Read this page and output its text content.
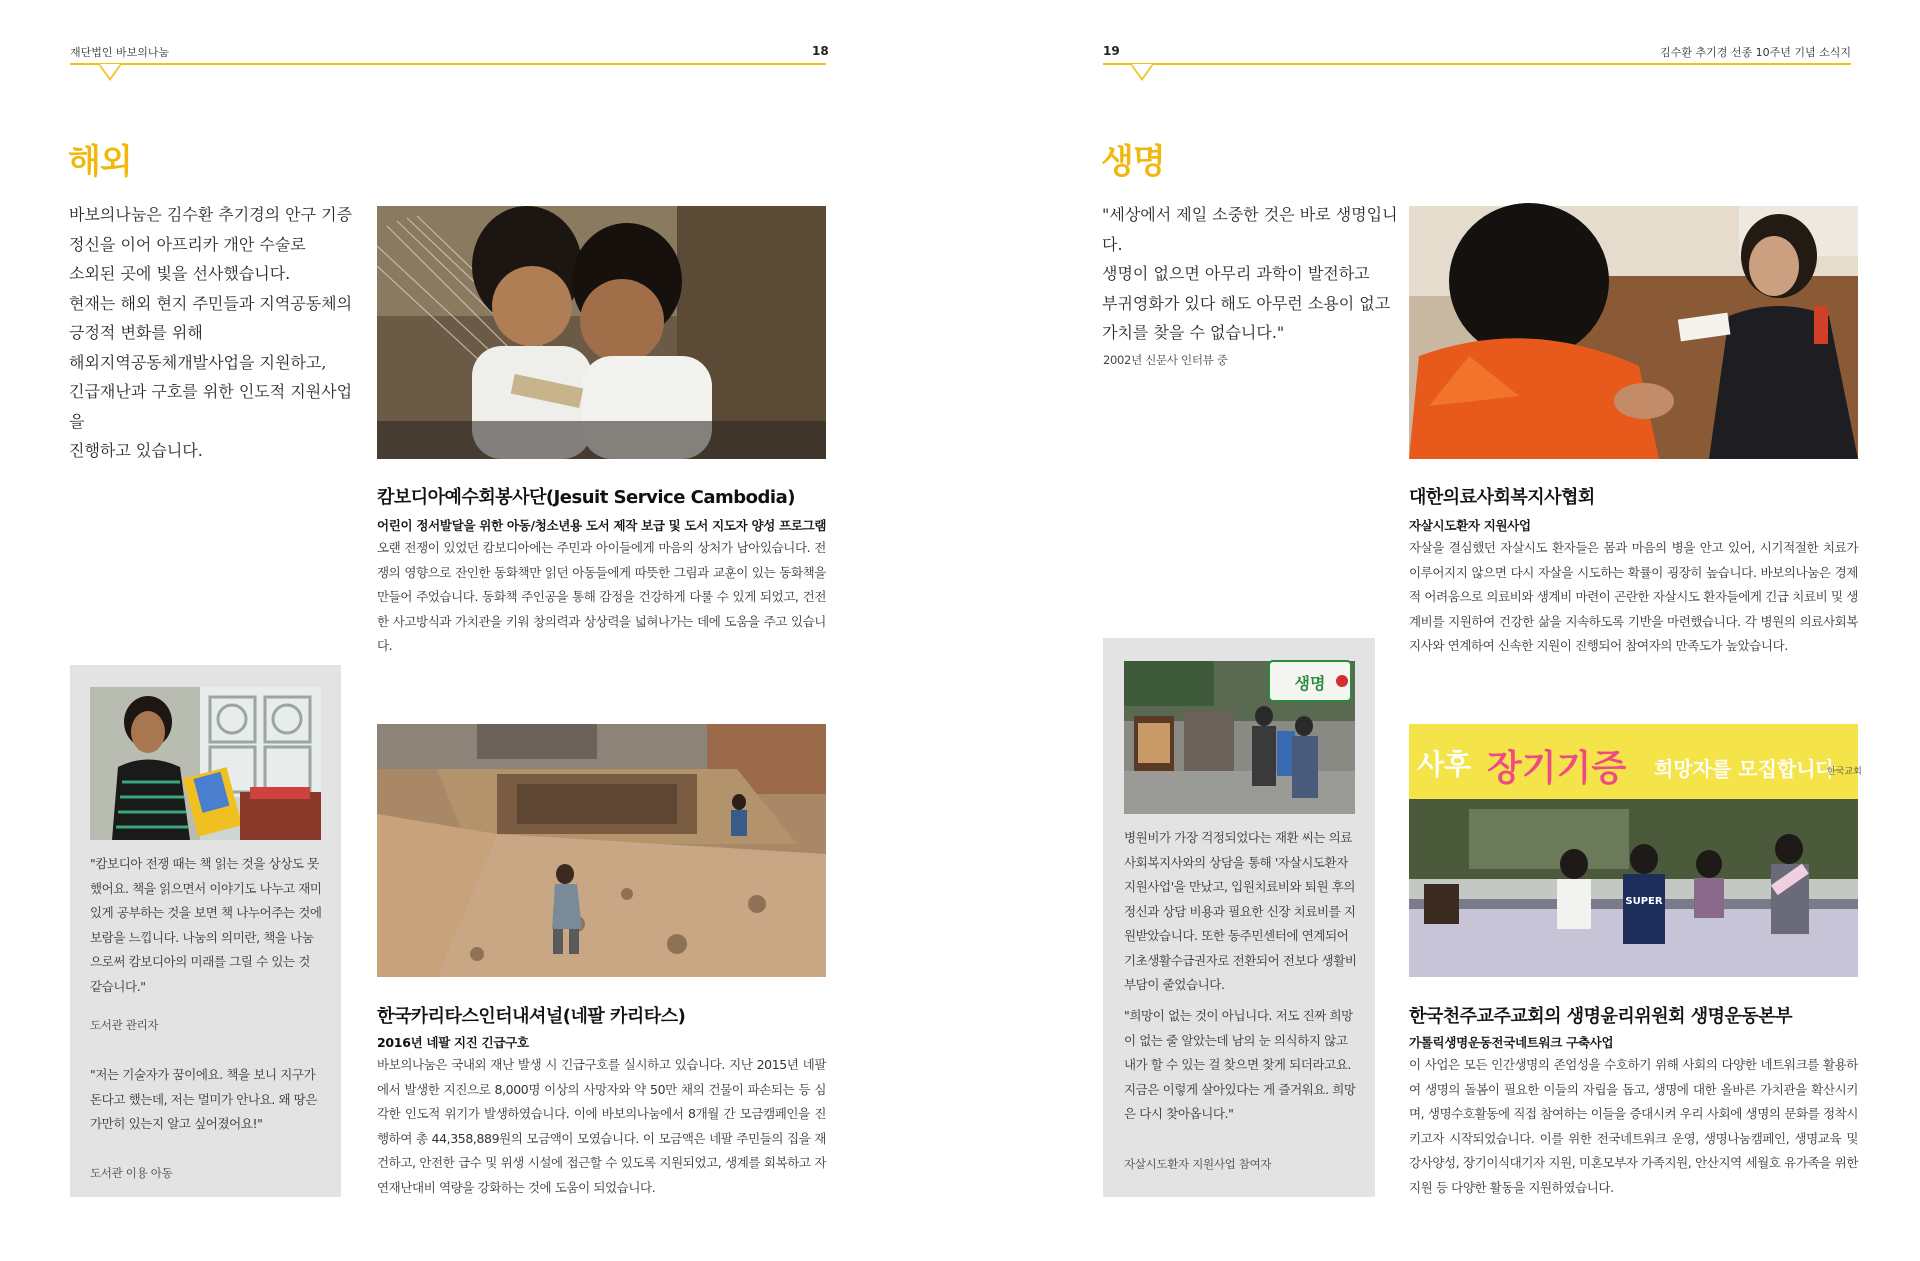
재단법인 바보의나눔	18
해외
바보의나눔은 김수환 추기경의 안구 기증
정신을 이어 아프리카 개안 수술로
소외된 곳에 빛을 선사했습니다.
현재는 해외 현지 주민들과 지역공동체의
긍정적 변화를 위해
해외지역공동체개발사업을 지원하고,
긴급재난과 구호를 위한 인도적 지원사업을
진행하고 있습니다.
캄보디아예수회봉사단(Jesuit Service Cambodia)
어린이 정서발달을 위한 아동/청소년용 도서 제작 보급 및 도서 지도자 양성 프로그램
오랜 전쟁이 있었던 캄보디아에는 주민과 아이들에게 마음의 상처가 남아있습니다. 전쟁의 영향으로 잔인한 동화책만 읽던 아동들에게 따뜻한 그림과 교훈이 있는 동화책을 만들어 주었습니다. 동화책 주인공을 통해 감정을 건강하게 다룰 수 있게 되었고, 건전한 사고방식과 가치관을 키워 창의력과 상상력을 넓혀나가는 데에 도움을 주고 있습니다.
"캄보디아 전쟁 때는 책 읽는 것을 상상도 못했어요. 책을 읽으면서 이야기도 나누고 재미있게 공부하는 것을 보면 책 나누어주는 것에 보람을 느낍니다. 나눔의 의미란, 책을 나눔으로써 캄보디아의 미래를 그릴 수 있는 것 같습니다."
도서관 관리자
"저는 기술자가 꿈이에요. 책을 보니 지구가 돈다고 했는데, 저는 멀미가 안나요. 왜 땅은 가만히 있는지 알고 싶어졌어요!"
도서관 이용 아동
한국카리타스인터내셔널(네팔 카리타스)
2016년 네팔 지진 긴급구호
바보의나눔은 국내외 재난 발생 시 긴급구호를 실시하고 있습니다. 지난 2015년 네팔에서 발생한 지진으로 8,000명 이상의 사망자와 약 50만 채의 건물이 파손되는 등 심각한 인도적 위기가 발생하였습니다. 이에 바보의나눔에서 8개월 간 모금캠페인을 진행하여 총 44,358,889원의 모금액이 모였습니다. 이 모금액은 네팔 주민들의 집을 재건하고, 안전한 급수 및 위생 시설에 접근할 수 있도록 지원되었고, 생계를 회복하고 자연재난대비 역량을 강화하는 것에 도움이 되었습니다.
19	김수환 추기경 선종 10주년 기념 소식지
생명
"세상에서 제일 소중한 것은 바로 생명입니다.
생명이 없으면 아무리 과학이 발전하고
부귀영화가 있다 해도 아무런 소용이 없고
가치를 찾을 수 없습니다."
2002년 신문사 인터뷰 중
대한의료사회복지사협회
자살시도환자 지원사업
자살을 결심했던 자살시도 환자들은 몸과 마음의 병을 안고 있어, 시기적절한 치료가 이루어지지 않으면 다시 자살을 시도하는 확률이 굉장히 높습니다. 바보의나눔은 경제적 어려움으로 의료비와 생계비 마련이 곤란한 자살시도 환자들에게 긴급 치료비 및 생계비를 지원하여 건강한 삶을 지속하도록 기반을 마련했습니다. 각 병원의 의료사회복지사와 연계하여 신속한 지원이 진행되어 참여자의 만족도가 높았습니다.
생명
병원비가 가장 걱정되었다는 재환 씨는 의료사회복지사와의 상담을 통해 '자살시도환자 지원사업'을 만났고, 입원치료비와 퇴원 후의 정신과 상담 비용과 필요한 신장 치료비를 지원받았습니다. 또한 동주민센터에 연계되어 기초생활수급권자로 전환되어 전보다 생활비 부담이 줄었습니다.
"희망이 없는 것이 아닙니다. 저도 진짜 희망이 없는 줄 알았는데 남의 눈 의식하지 않고 내가 할 수 있는 걸 찾으면 찾게 되더라고요. 지금은 이렇게 살아있다는 게 즐거워요. 희망은 다시 찾아옵니다."
자살시도환자 지원사업 참여자
사후 장기기증 희망자를 모집합니다
한국교회
SUPER
한국천주교주교회의 생명윤리위원회 생명운동본부
가톨릭생명운동전국네트워크 구축사업
이 사업은 모든 인간생명의 존엄성을 수호하기 위해 사회의 다양한 네트워크를 활용하여 생명의 돌봄이 필요한 이들의 자립을 돕고, 생명에 대한 올바른 가치관을 확산시키며, 생명수호활동에 직접 참여하는 이들을 증대시켜 우리 사회에 생명의 문화를 정착시키고자 시작되었습니다. 이를 위한 전국네트워크 운영, 생명나눔캠페인, 생명교육 및 강사양성, 장기이식대기자 지원, 미혼모부자 가족지원, 안산지역 세월호 유가족을 위한 지원 등 다양한 활동을 지원하였습니다.
